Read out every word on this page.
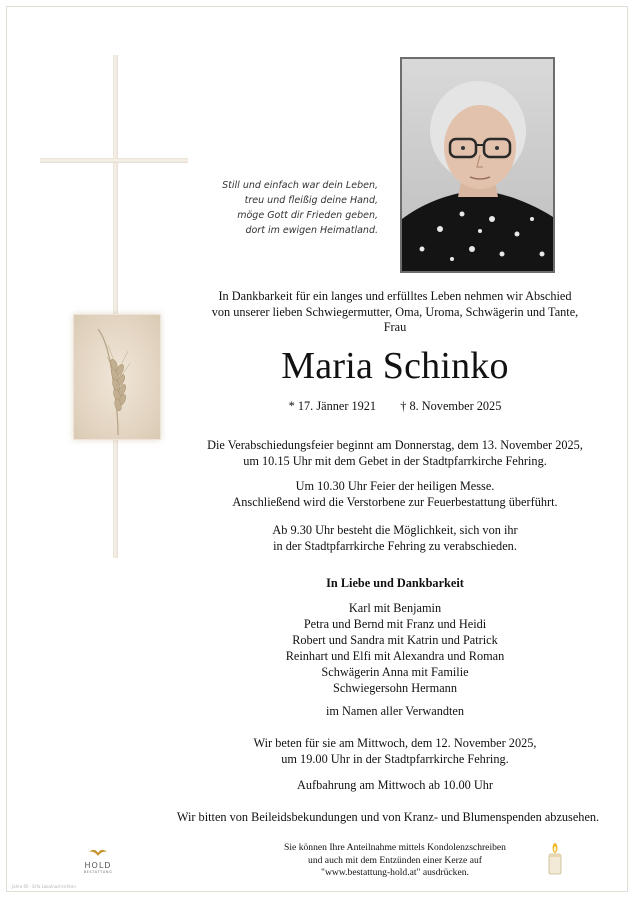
Still und einfach war dein Leben,
treu und fleißig deine Hand,
möge Gott dir Frieden geben,
dort im ewigen Heimatland.
In Dankbarkeit für ein langes und erfülltes Leben nehmen wir Abschied
von unserer lieben Schwiegermutter, Oma, Uroma, Schwägerin und Tante,
Frau
Maria Schinko
* 17. Jänner 1921 † 8. November 2025
Die Verabschiedungsfeier beginnt am Donnerstag, dem 13. November 2025,
um 10.15 Uhr mit dem Gebet in der Stadtpfarrkirche Fehring.
Um 10.30 Uhr Feier der heiligen Messe.
Anschließend wird die Verstorbene zur Feuerbestattung überführt.
Ab 9.30 Uhr besteht die Möglichkeit, sich von ihr
in der Stadtpfarrkirche Fehring zu verabschieden.
In Liebe und Dankbarkeit
Karl mit Benjamin
Petra und Bernd mit Franz und Heidi
Robert und Sandra mit Katrin und Patrick
Reinhart und Elfi mit Alexandra und Roman
Schwägerin Anna mit Familie
Schwiegersohn Hermann
im Namen aller Verwandten
Wir beten für sie am Mittwoch, dem 12. November 2025,
um 19.00 Uhr in der Stadtpfarrkirche Fehring.
Aufbahrung am Mittwoch ab 10.00 Uhr
Wir bitten von Beileidsbekundungen und von Kranz- und Blumenspenden abzusehen.
Sie können Ihre Anteilnahme mittels Kondolenzschreiben
und auch mit dem Entzünden einer Kerze auf
"www.bestattung-hold.at" ausdrücken.
HOLD
BESTATTUNG
Jahre 95 · Erfa Lokalnachrichten
